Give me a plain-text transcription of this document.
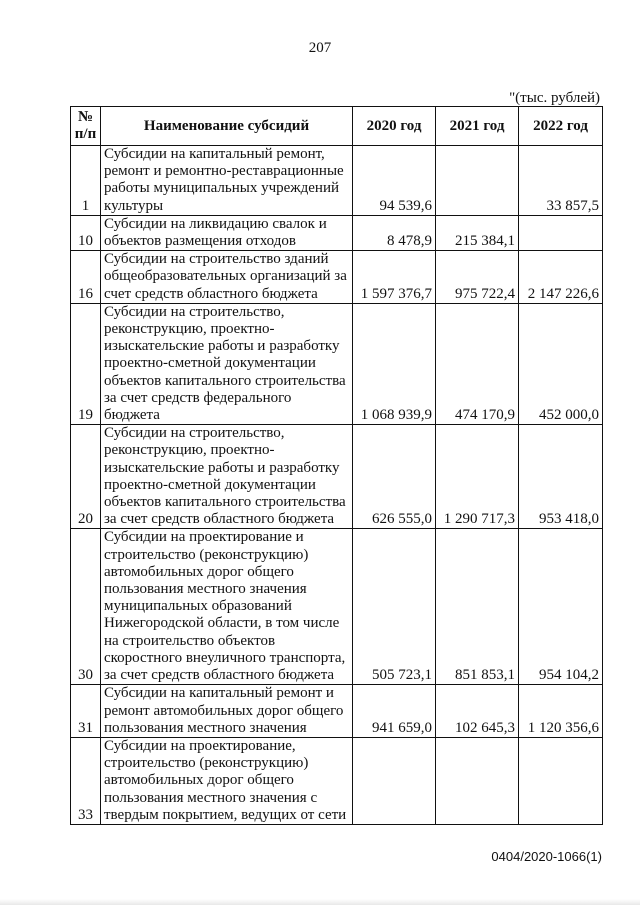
207
"(тыс. рублей)
№ п/п	Наименование субсидий	2020 год	2021 год	2022 год
1	Субсидии на капитальный ремонт, ремонт и ремонтно-реставрационные работы муниципальных учреждений культуры	94 539,6		33 857,5
10	Субсидии на ликвидацию свалок и объектов размещения отходов	8 478,9	215 384,1	
16	Субсидии на строительство зданий общеобразовательных организаций за счет средств областного бюджета	1 597 376,7	975 722,4	2 147 226,6
19	Субсидии на строительство, реконструкцию, проектно-изыскательские работы и разработку проектно-сметной документации объектов капитального строительства за счет средств федерального бюджета	1 068 939,9	474 170,9	452 000,0
20	Субсидии на строительство, реконструкцию, проектно-изыскательские работы и разработку проектно-сметной документации объектов капитального строительства за счет средств областного бюджета	626 555,0	1 290 717,3	953 418,0
30	Субсидии на проектирование и строительство (реконструкцию) автомобильных дорог общего пользования местного значения муниципальных образований Нижегородской области, в том числе на строительство объектов скоростного внеуличного транспорта, за счет средств областного бюджета	505 723,1	851 853,1	954 104,2
31	Субсидии на капитальный ремонт и ремонт автомобильных дорог общего пользования местного значения	941 659,0	102 645,3	1 120 356,6
33	Субсидии на проектирование, строительство (реконструкцию) автомобильных дорог общего пользования местного значения с твердым покрытием, ведущих от сети			
0404/2020-1066(1)
